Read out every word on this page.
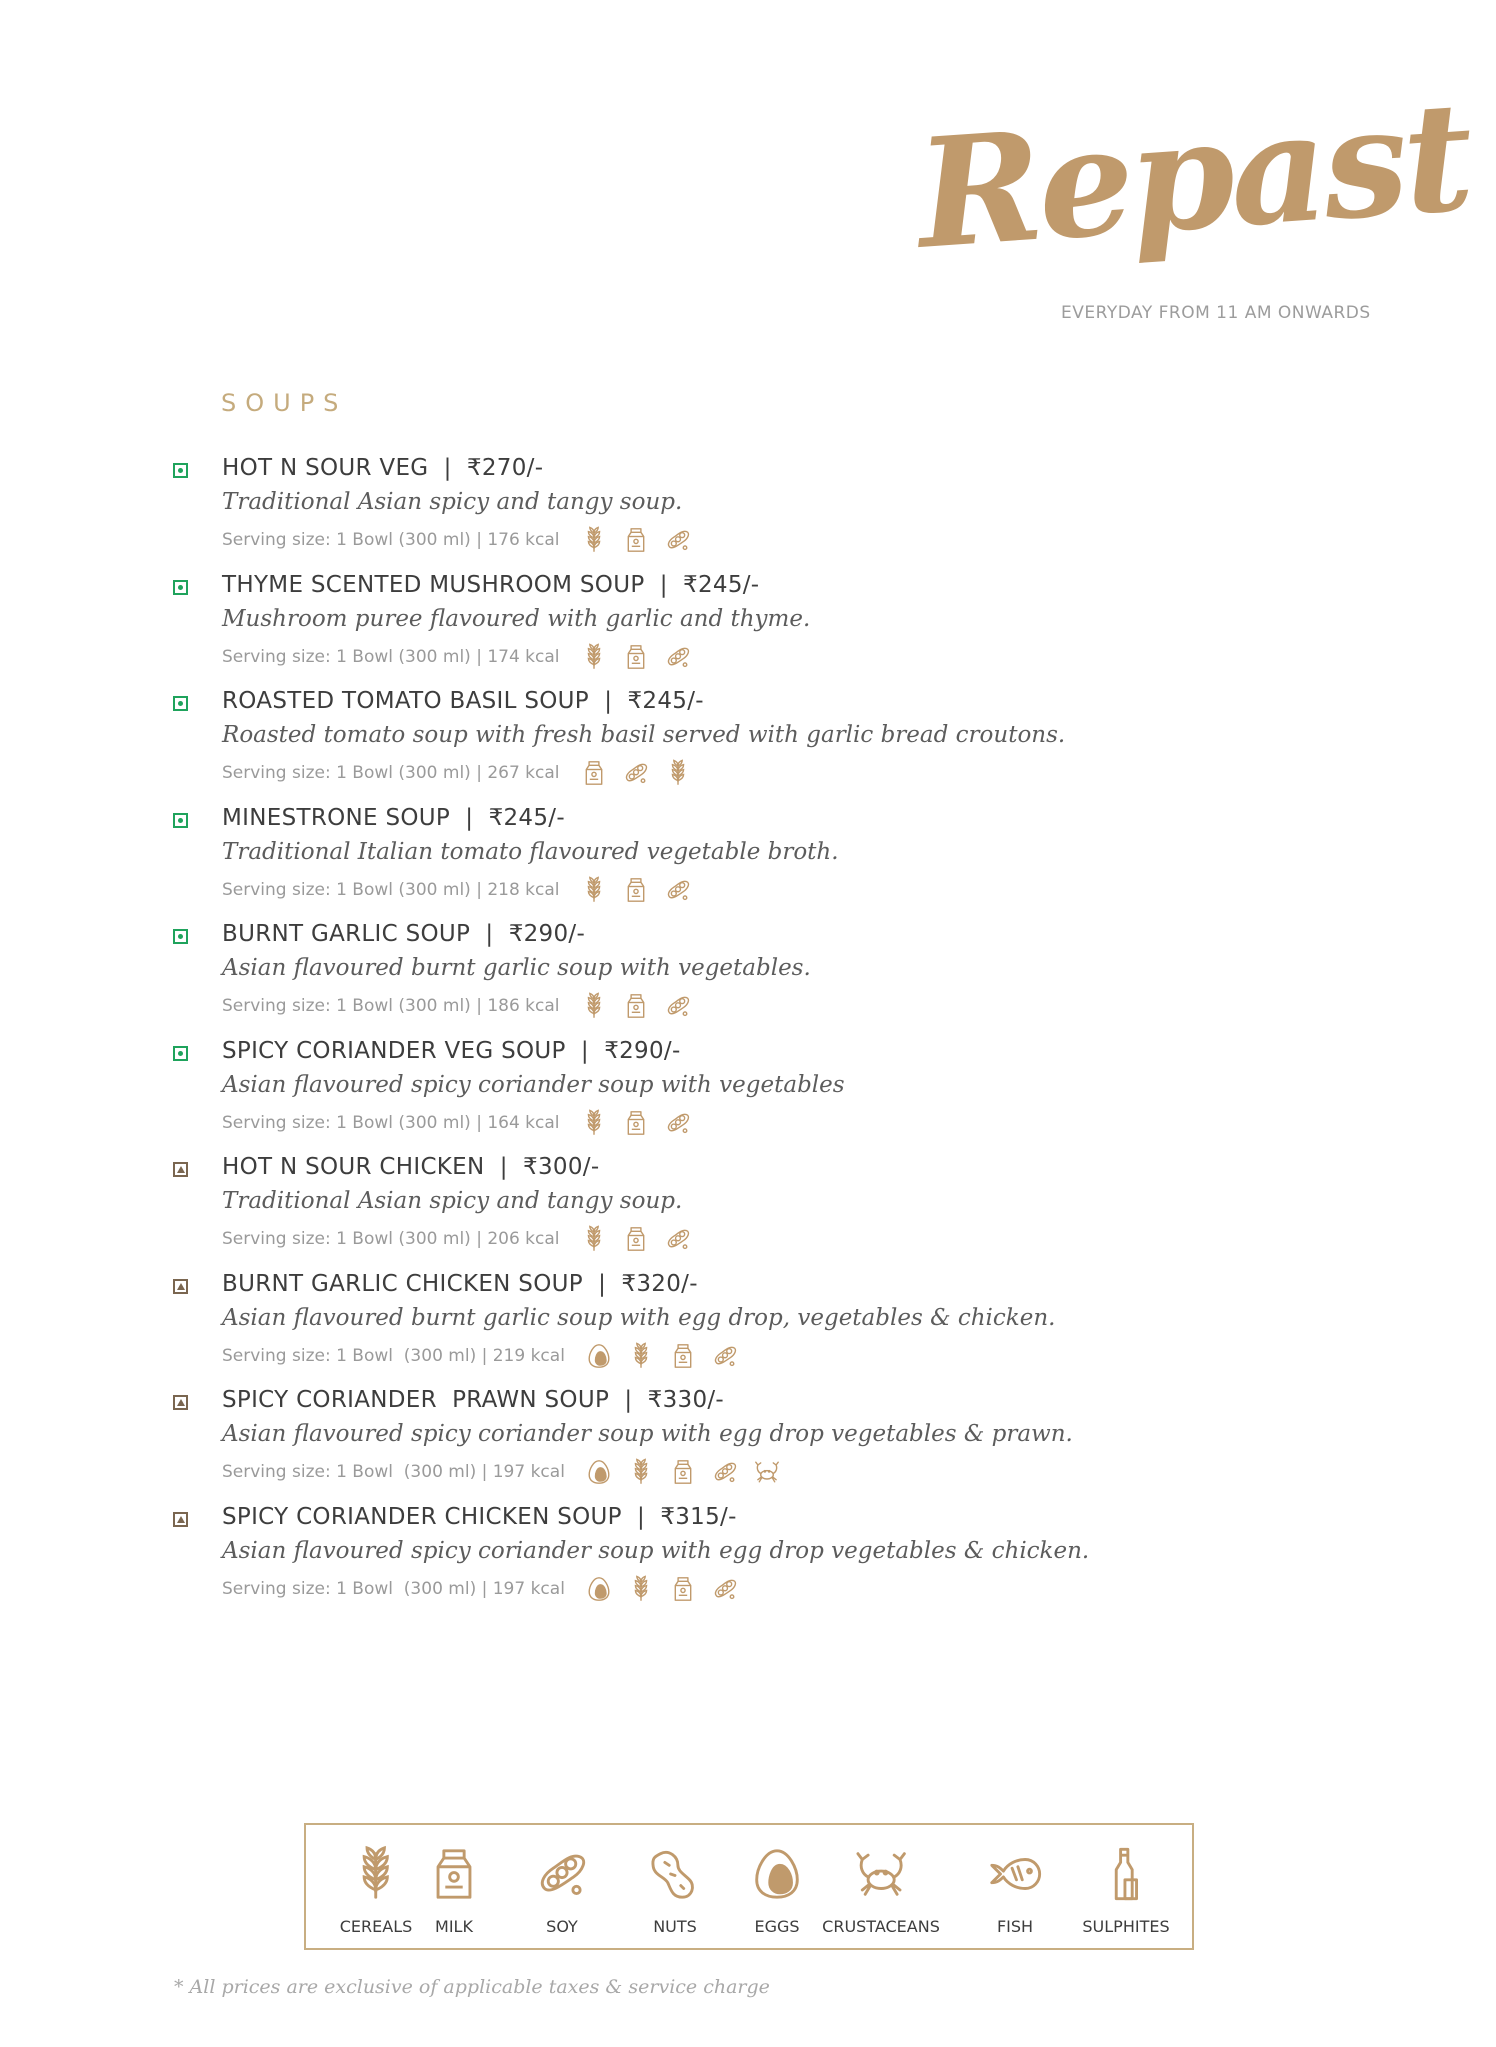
Repast
EVERYDAY FROM 11 AM ONWARDS
SOUPS
HOT N SOUR VEG  |  ₹270/-
Traditional Asian spicy and tangy soup.
Serving size: 1 Bowl (300 ml) | 176 kcal
THYME SCENTED MUSHROOM SOUP  |  ₹245/-
Mushroom puree flavoured with garlic and thyme.
Serving size: 1 Bowl (300 ml) | 174 kcal
ROASTED TOMATO BASIL SOUP  |  ₹245/-
Roasted tomato soup with fresh basil served with garlic bread croutons.
Serving size: 1 Bowl (300 ml) | 267 kcal
MINESTRONE SOUP  |  ₹245/-
Traditional Italian tomato flavoured vegetable broth.
Serving size: 1 Bowl (300 ml) | 218 kcal
BURNT GARLIC SOUP  |  ₹290/-
Asian flavoured burnt garlic soup with vegetables.
Serving size: 1 Bowl (300 ml) | 186 kcal
SPICY CORIANDER VEG SOUP  |  ₹290/-
Asian flavoured spicy coriander soup with vegetables
Serving size: 1 Bowl (300 ml) | 164 kcal
HOT N SOUR CHICKEN  |  ₹300/-
Traditional Asian spicy and tangy soup.
Serving size: 1 Bowl (300 ml) | 206 kcal
BURNT GARLIC CHICKEN SOUP  |  ₹320/-
Asian flavoured burnt garlic soup with egg drop, vegetables & chicken.
Serving size: 1 Bowl  (300 ml) | 219 kcal
SPICY CORIANDER  PRAWN SOUP  |  ₹330/-
Asian flavoured spicy coriander soup with egg drop vegetables & prawn.
Serving size: 1 Bowl  (300 ml) | 197 kcal
SPICY CORIANDER CHICKEN SOUP  |  ₹315/-
Asian flavoured spicy coriander soup with egg drop vegetables & chicken.
Serving size: 1 Bowl  (300 ml) | 197 kcal
CEREALS MILK	SOY	NUTS	EGGS CRUSTACEANS	FISH	SULPHITES
* All prices are exclusive of applicable taxes & service charge
